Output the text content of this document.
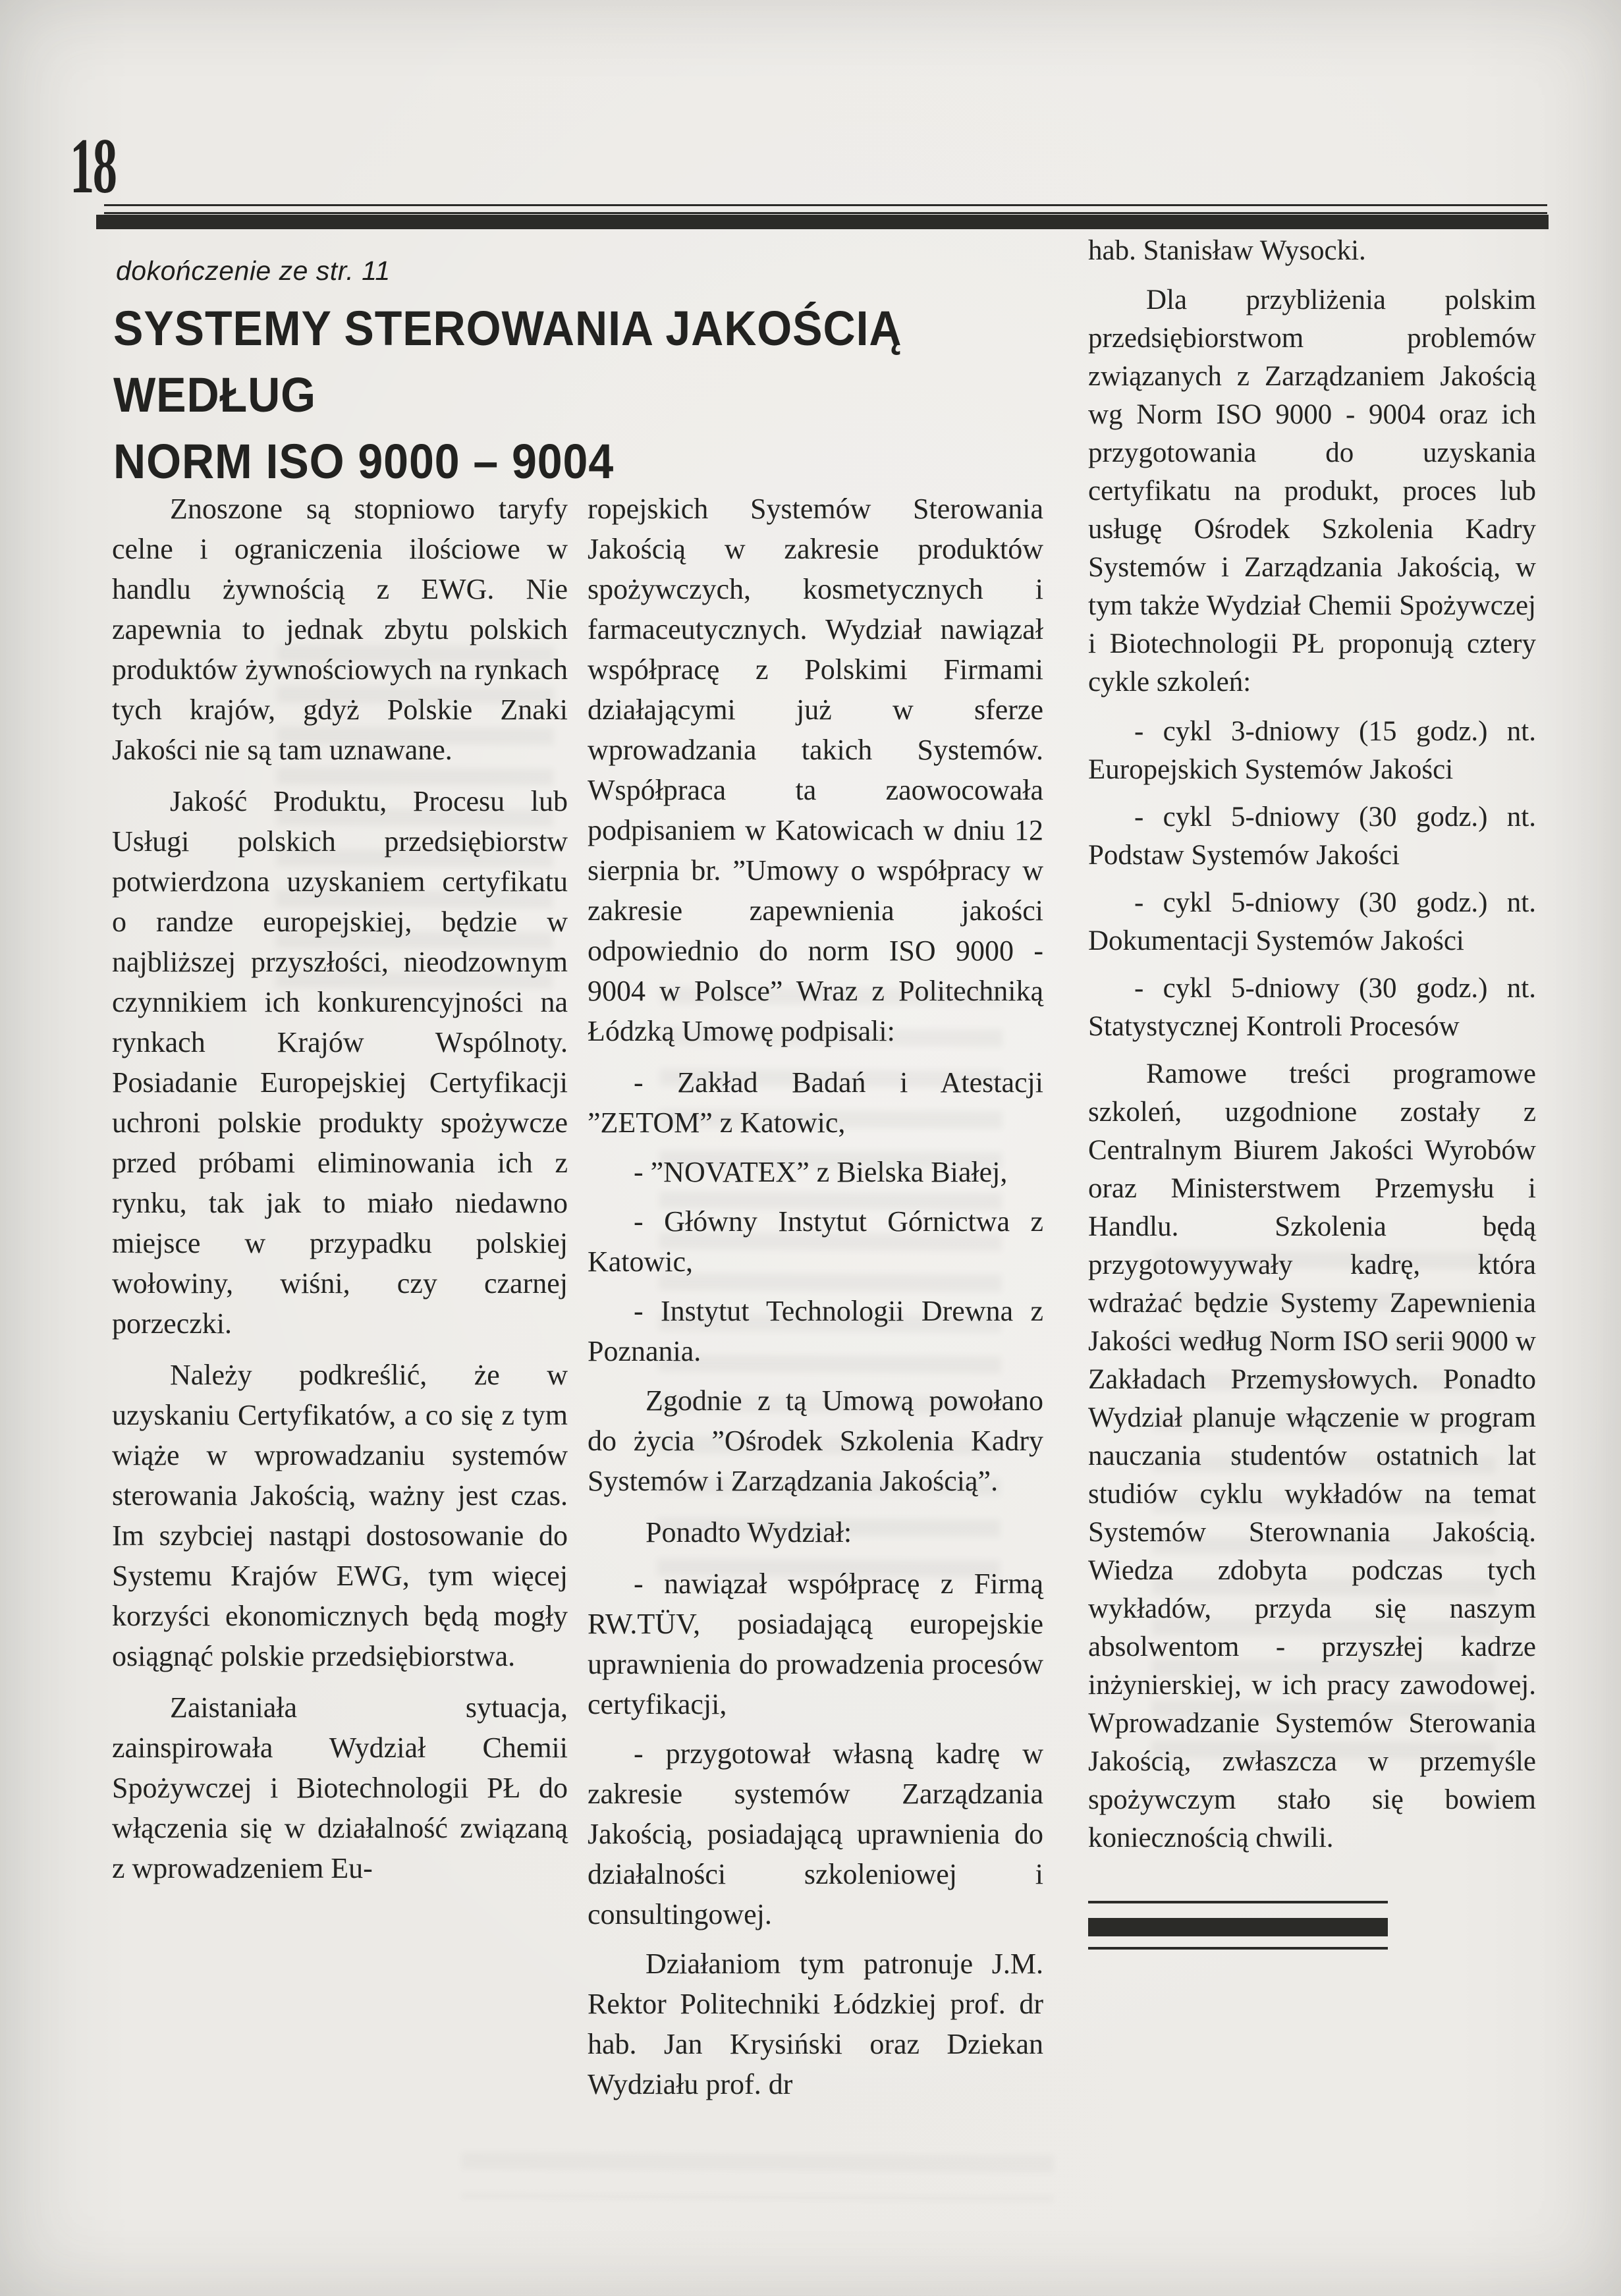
18
dokończenie ze str. 11
SYSTEMY STEROWANIA JAKOŚCIĄ WEDŁUG
NORM ISO 9000 – 9004

Znoszone są stopniowo taryfy celne i ograniczenia ilościowe w handlu żywnością z EWG. Nie zapewnia to jednak zbytu polskich produktów żywnościowych na rynkach tych krajów, gdyż Polskie Znaki Jakości nie są tam uznawane.

Jakość Produktu, Procesu lub Usługi polskich przedsiębiorstw potwierdzona uzyskaniem certyfikatu o randze europejskiej, będzie w najbliższej przyszłości, nieodzownym czynnikiem ich konkurencyjności na rynkach Krajów Wspólnoty. Posiadanie Europejskiej Certyfikacji uchroni polskie produkty spożywcze przed próbami eliminowania ich z rynku, tak jak to miało niedawno miejsce w przypadku polskiej wołowiny, wiśni, czy czarnej porzeczki.

Należy podkreślić, że w uzyskaniu Certyfikatów, a co się z tym wiąże w wprowadzaniu systemów sterowania Jakością, ważny jest czas. Im szybciej nastąpi dostosowanie do Systemu Krajów EWG, tym więcej korzyści ekonomicznych będą mogły osiągnąć polskie przedsiębiorstwa.

Zaistaniała sytuacja, zainspirowała Wydział Chemii Spożywczej i Biotechnologii PŁ do włączenia się w działalność związaną z wprowadzeniem Eu-

ropejskich Systemów Sterowania Jakością w zakresie produktów spożywczych, kosmetycznych i farmaceutycznych. Wydział nawiązał współpracę z Polskimi Firmami działającymi już w sferze wprowadzania takich Systemów. Współpraca ta zaowocowała podpisaniem w Katowicach w dniu 12 sierpnia br. ”Umowy o współpracy w zakresie zapewnienia jakości odpowiednio do norm ISO 9000 - 9004 w Polsce” Wraz z Politechniką Łódzką Umowę podpisali:

- Zakład Badań i Atestacji ”ZETOM” z Katowic,

- ”NOVATEX” z Bielska Białej,

- Główny Instytut Górnictwa z Katowic,

- Instytut Technologii Drewna z Poznania.

Zgodnie z tą Umową powołano do życia ”Ośrodek Szkolenia Kadry Systemów i Zarządzania Jakością”.

Ponadto Wydział:

- nawiązał współpracę z Firmą RW.TÜV, posiadającą europejskie uprawnienia do prowadzenia procesów certyfikacji,

- przygotował własną kadrę w zakresie systemów Zarządzania Jakością, posiadającą uprawnienia do działalności szkoleniowej i consultingowej.

Działaniom tym patronuje J.M. Rektor Politechniki Łódzkiej prof. dr hab. Jan Krysiński oraz Dziekan Wydziału prof. dr

hab. Stanisław Wysocki.

Dla przybliżenia polskim przedsiębiorstwom problemów związanych z Zarządzaniem Jakością wg Norm ISO 9000 - 9004 oraz ich przygotowania do uzyskania certyfikatu na produkt, proces lub usługę Ośrodek Szkolenia Kadry Systemów i Zarządzania Jakością, w tym także Wydział Chemii Spożywczej i Biotechnologii PŁ proponują cztery cykle szkoleń:

- cykl 3-dniowy (15 godz.) nt. Europejskich Systemów Jakości

- cykl 5-dniowy (30 godz.) nt. Podstaw Systemów Jakości

- cykl 5-dniowy (30 godz.) nt. Dokumentacji Systemów Jakości

- cykl 5-dniowy (30 godz.) nt. Statystycznej Kontroli Procesów

Ramowe treści programowe szkoleń, uzgodnione zostały z Centralnym Biurem Jakości Wyrobów oraz Ministerstwem Przemysłu i Handlu. Szkolenia będą przygotowyywały kadrę, która wdrażać będzie Systemy Zapewnienia Jakości według Norm ISO serii 9000 w Zakładach Przemysłowych. Ponadto Wydział planuje włączenie w program nauczania studentów ostatnich lat studiów cyklu wykładów na temat Systemów Sterownania Jakością. Wiedza zdobyta podczas tych wykładów, przyda się naszym absolwentom - przyszłej kadrze inżynierskiej, w ich pracy zawodowej. Wprowadzanie Systemów Sterowania Jakością, zwłaszcza w przemyśle spożywczym stało się bowiem koniecznością chwili.
